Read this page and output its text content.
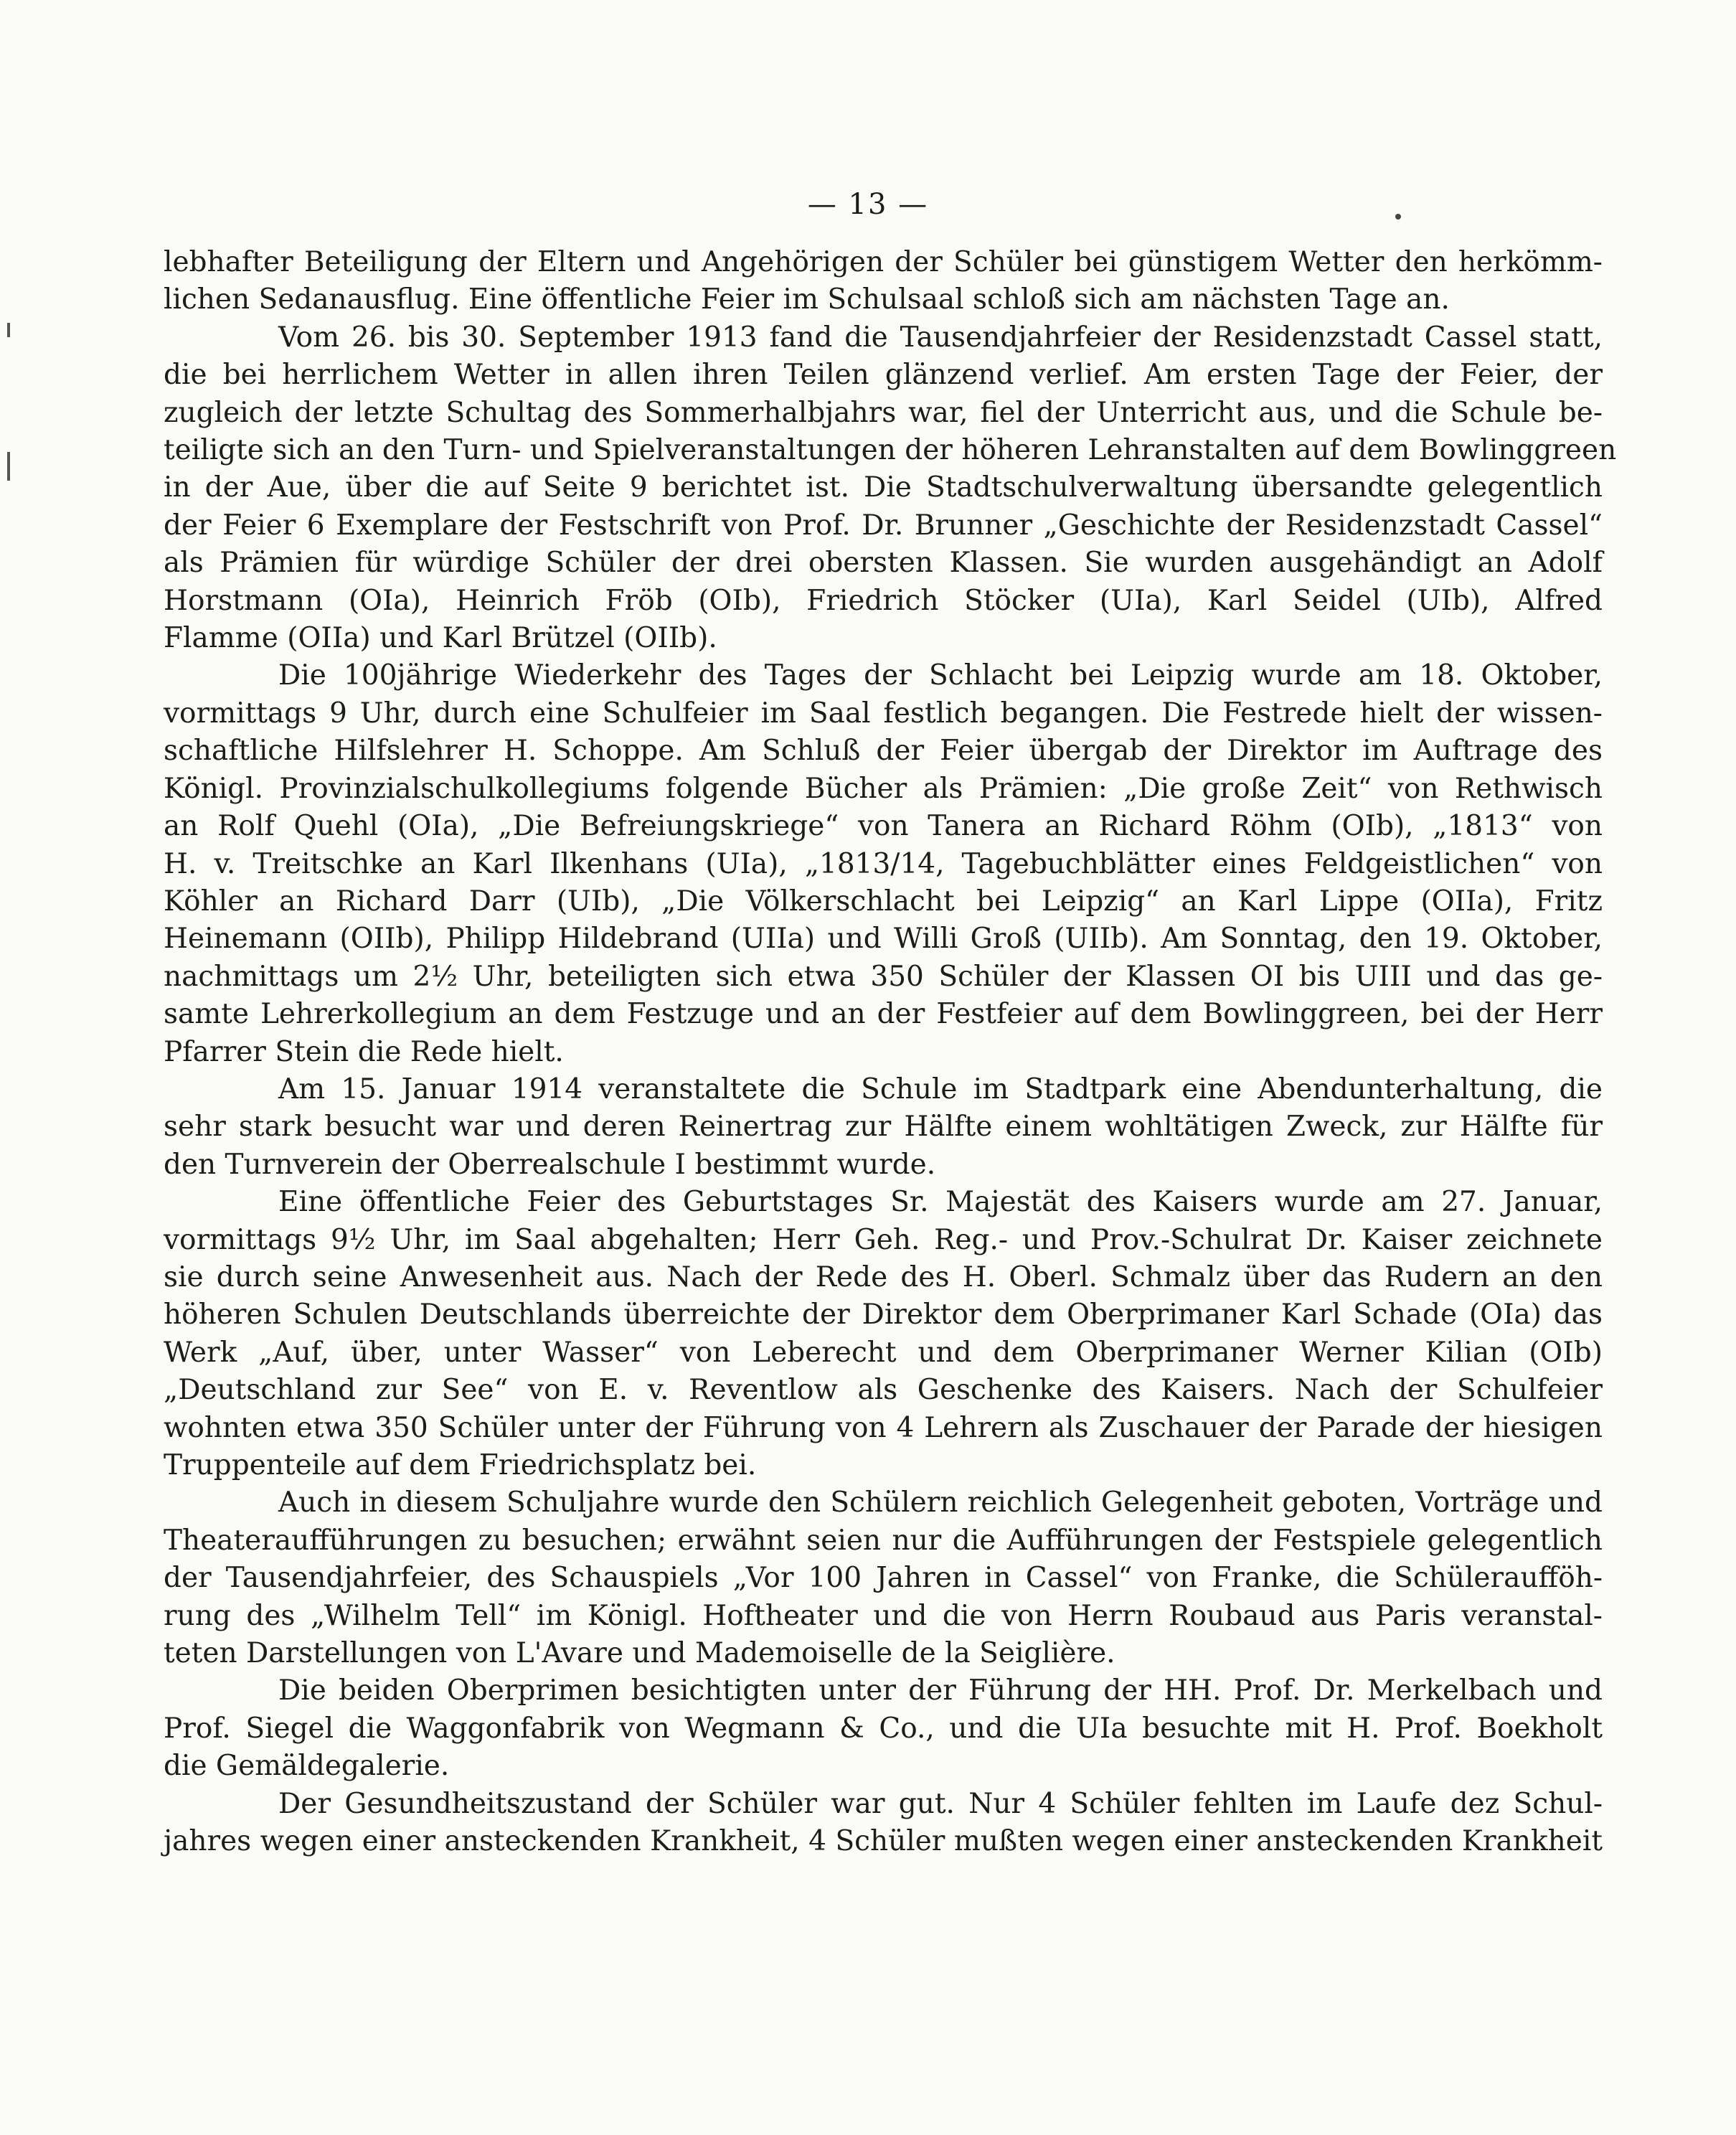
— 13 —
lebhafter Beteiligung der Eltern und Angehörigen der Schüler bei günstigem Wetter den herkömm-
lichen Sedanausflug. Eine öffentliche Feier im Schulsaal schloß sich am nächsten Tage an.
Vom 26. bis 30. September 1913 fand die Tausendjahrfeier der Residenzstadt Cassel statt,
die bei herrlichem Wetter in allen ihren Teilen glänzend verlief. Am ersten Tage der Feier, der
zugleich der letzte Schultag des Sommerhalbjahrs war, fiel der Unterricht aus, und die Schule be-
teiligte sich an den Turn- und Spielveranstaltungen der höheren Lehranstalten auf dem Bowlinggreen
in der Aue, über die auf Seite 9 berichtet ist. Die Stadtschulverwaltung übersandte gelegentlich
der Feier 6 Exemplare der Festschrift von Prof. Dr. Brunner „Geschichte der Residenzstadt Cassel“
als Prämien für würdige Schüler der drei obersten Klassen. Sie wurden ausgehändigt an Adolf
Horstmann (OIa), Heinrich Fröb (OIb), Friedrich Stöcker (UIa), Karl Seidel (UIb), Alfred
Flamme (OIIa) und Karl Brützel (OIIb).
Die 100jährige Wiederkehr des Tages der Schlacht bei Leipzig wurde am 18. Oktober,
vormittags 9 Uhr, durch eine Schulfeier im Saal festlich begangen. Die Festrede hielt der wissen-
schaftliche Hilfslehrer H. Schoppe. Am Schluß der Feier übergab der Direktor im Auftrage des
Königl. Provinzialschulkollegiums folgende Bücher als Prämien: „Die große Zeit“ von Rethwisch
an Rolf Quehl (OIa), „Die Befreiungskriege“ von Tanera an Richard Röhm (OIb), „1813“ von
H. v. Treitschke an Karl Ilkenhans (UIa), „1813/14, Tagebuchblätter eines Feldgeistlichen“ von
Köhler an Richard Darr (UIb), „Die Völkerschlacht bei Leipzig“ an Karl Lippe (OIIa), Fritz
Heinemann (OIIb), Philipp Hildebrand (UIIa) und Willi Groß (UIIb). Am Sonntag, den 19. Oktober,
nachmittags um 2½ Uhr, beteiligten sich etwa 350 Schüler der Klassen OI bis UIII und das ge-
samte Lehrerkollegium an dem Festzuge und an der Festfeier auf dem Bowlinggreen, bei der Herr
Pfarrer Stein die Rede hielt.
Am 15. Januar 1914 veranstaltete die Schule im Stadtpark eine Abendunterhaltung, die
sehr stark besucht war und deren Reinertrag zur Hälfte einem wohltätigen Zweck, zur Hälfte für
den Turnverein der Oberrealschule I bestimmt wurde.
Eine öffentliche Feier des Geburtstages Sr. Majestät des Kaisers wurde am 27. Januar,
vormittags 9½ Uhr, im Saal abgehalten; Herr Geh. Reg.- und Prov.-Schulrat Dr. Kaiser zeichnete
sie durch seine Anwesenheit aus. Nach der Rede des H. Oberl. Schmalz über das Rudern an den
höheren Schulen Deutschlands überreichte der Direktor dem Oberprimaner Karl Schade (OIa) das
Werk „Auf, über, unter Wasser“ von Leberecht und dem Oberprimaner Werner Kilian (OIb)
„Deutschland zur See“ von E. v. Reventlow als Geschenke des Kaisers. Nach der Schulfeier
wohnten etwa 350 Schüler unter der Führung von 4 Lehrern als Zuschauer der Parade der hiesigen
Truppenteile auf dem Friedrichsplatz bei.
Auch in diesem Schuljahre wurde den Schülern reichlich Gelegenheit geboten, Vorträge und
Theateraufführungen zu besuchen; erwähnt seien nur die Aufführungen der Festspiele gelegentlich
der Tausendjahrfeier, des Schauspiels „Vor 100 Jahren in Cassel“ von Franke, die Schüleraufföh-
rung des „Wilhelm Tell“ im Königl. Hoftheater und die von Herrn Roubaud aus Paris veranstal-
teten Darstellungen von L'Avare und Mademoiselle de la Seiglière.
Die beiden Oberprimen besichtigten unter der Führung der HH. Prof. Dr. Merkelbach und
Prof. Siegel die Waggonfabrik von Wegmann & Co., und die UIa besuchte mit H. Prof. Boekholt
die Gemäldegalerie.
Der Gesundheitszustand der Schüler war gut. Nur 4 Schüler fehlten im Laufe dez Schul-
jahres wegen einer ansteckenden Krankheit, 4 Schüler mußten wegen einer ansteckenden Krankheit
